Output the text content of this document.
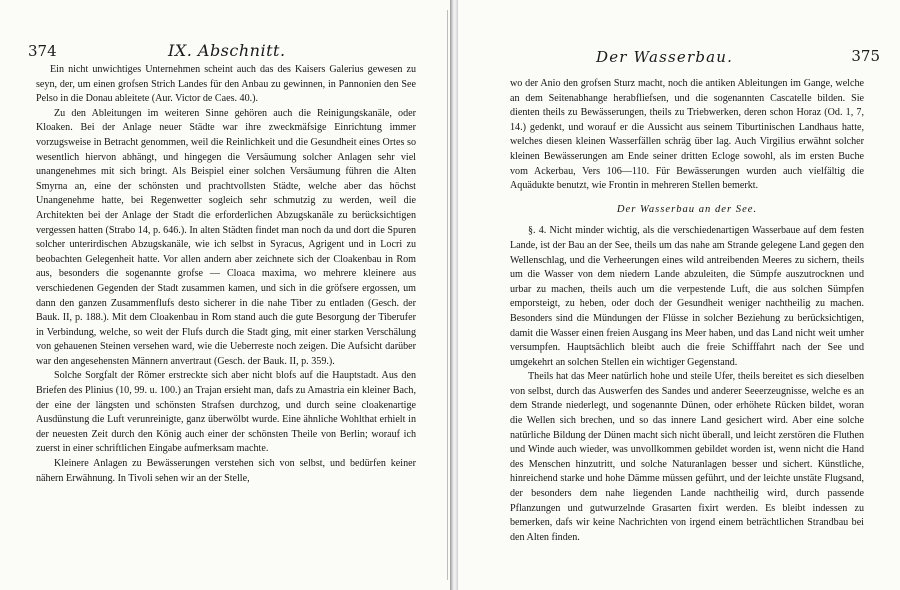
374	IX. Abschnitt.

Ein nicht unwichtiges Unternehmen scheint auch das des Kaisers Galerius gewesen zu seyn, der, um einen grofsen Strich Landes für den Anbau zu gewinnen, in Pannonien den See Pelso in die Donau ableitete (Aur. Victor de Caes. 40.).

Zu den Ableitungen im weiteren Sinne gehören auch die Reinigungskanäle, oder Kloaken. Bei der Anlage neuer Städte war ihre zweckmäfsige Einrichtung immer vorzugsweise in Betracht genommen, weil die Reinlichkeit und die Gesundheit eines Ortes so wesentlich hiervon abhängt, und hingegen die Versäumung solcher Anlagen sehr viel unangenehmes mit sich bringt. Als Beispiel einer solchen Versäumung führen die Alten Smyrna an, eine der schönsten und prachtvollsten Städte, welche aber das höchst Unangenehme hatte, bei Regenwetter sogleich sehr schmutzig zu werden, weil die Architekten bei der Anlage der Stadt die erforderlichen Abzugskanäle zu berücksichtigen vergessen hatten (Strabo 14, p. 646.). In alten Städten findet man noch da und dort die Spuren solcher unterirdischen Abzugskanäle, wie ich selbst in Syracus, Agrigent und in Locri zu beobachten Gelegenheit hatte. Vor allen andern aber zeichnete sich der Cloakenbau in Rom aus, besonders die sogenannte grofse — Cloaca maxima, wo mehrere kleinere aus verschiedenen Gegenden der Stadt zusammen kamen, und sich in die gröfsere ergossen, um dann den ganzen Zusammenflufs desto sicherer in die nahe Tiber zu entladen (Gesch. der Bauk. II, p. 188.). Mit dem Cloakenbau in Rom stand auch die gute Besorgung der Tiberufer in Verbindung, welche, so weit der Flufs durch die Stadt ging, mit einer starken Verschälung von gehauenen Steinen versehen ward, wie die Ueberreste noch zeigen. Die Aufsicht darüber war den angesehensten Männern anvertraut (Gesch. der Bauk. II, p. 359.).

Solche Sorgfalt der Römer erstreckte sich aber nicht blofs auf die Hauptstadt. Aus den Briefen des Plinius (10, 99. u. 100.) an Trajan ersieht man, dafs zu Amastria ein kleiner Bach, der eine der längsten und schönsten Strafsen durchzog, und durch seine cloakenartige Ausdünstung die Luft verunreinigte, ganz überwölbt wurde. Eine ähnliche Wohlthat erhielt in der neuesten Zeit durch den König auch einer der schönsten Theile von Berlin; worauf ich zuerst in einer schriftlichen Eingabe aufmerksam machte.

Kleinere Anlagen zu Bewässerungen verstehen sich von selbst, und bedürfen keiner nähern Erwähnung. In Tivoli sehen wir an der Stelle,

Der Wasserbau.	375

wo der Anio den grofsen Sturz macht, noch die antiken Ableitungen im Gange, welche an dem Seitenabhange herabfliefsen, und die sogenannten Cascatelle bilden. Sie dienten theils zu Bewässerungen, theils zu Triebwerken, deren schon Horaz (Od. 1, 7, 14.) gedenkt, und worauf er die Aussicht aus seinem Tiburtinischen Landhaus hatte, welches diesen kleinen Wasserfällen schräg über lag. Auch Virgilius erwähnt solcher kleinen Bewässerungen am Ende seiner dritten Ecloge sowohl, als im ersten Buche vom Ackerbau, Vers 106—110. Für Bewässerungen wurden auch vielfältig die Aquädukte benutzt, wie Frontin in mehreren Stellen bemerkt.

Der Wasserbau an der See.

§. 4. Nicht minder wichtig, als die verschiedenartigen Wasserbaue auf dem festen Lande, ist der Bau an der See, theils um das nahe am Strande gelegene Land gegen den Wellenschlag, und die Verheerungen eines wild antreibenden Meeres zu sichern, theils um die Wasser von dem niedern Lande abzuleiten, die Sümpfe auszutrocknen und urbar zu machen, theils auch um die verpestende Luft, die aus solchen Sümpfen emporsteigt, zu heben, oder doch der Gesundheit weniger nachtheilig zu machen. Besonders sind die Mündungen der Flüsse in solcher Beziehung zu berücksichtigen, damit die Wasser einen freien Ausgang ins Meer haben, und das Land nicht weit umher versumpfen. Hauptsächlich bleibt auch die freie Schifffahrt nach der See und umgekehrt an solchen Stellen ein wichtiger Gegenstand.

Theils hat das Meer natürlich hohe und steile Ufer, theils bereitet es sich dieselben von selbst, durch das Auswerfen des Sandes und anderer Seeerzeugnisse, welche es an dem Strande niederlegt, und sogenannte Dünen, oder erhöhete Rücken bildet, woran die Wellen sich brechen, und so das innere Land gesichert wird. Aber eine solche natürliche Bildung der Dünen macht sich nicht überall, und leicht zerstören die Fluthen und Winde auch wieder, was unvollkommen gebildet worden ist, wenn nicht die Hand des Menschen hinzutritt, und solche Naturanlagen besser und sichert. Künstliche, hinreichend starke und hohe Dämme müssen geführt, und der leichte unstäte Flugsand, der besonders dem nahe liegenden Lande nachtheilig wird, durch passende Pflanzungen und gutwurzelnde Grasarten fixirt werden. Es bleibt indessen zu bemerken, dafs wir keine Nachrichten von irgend einem beträchtlichen Strandbau bei den Alten finden.
